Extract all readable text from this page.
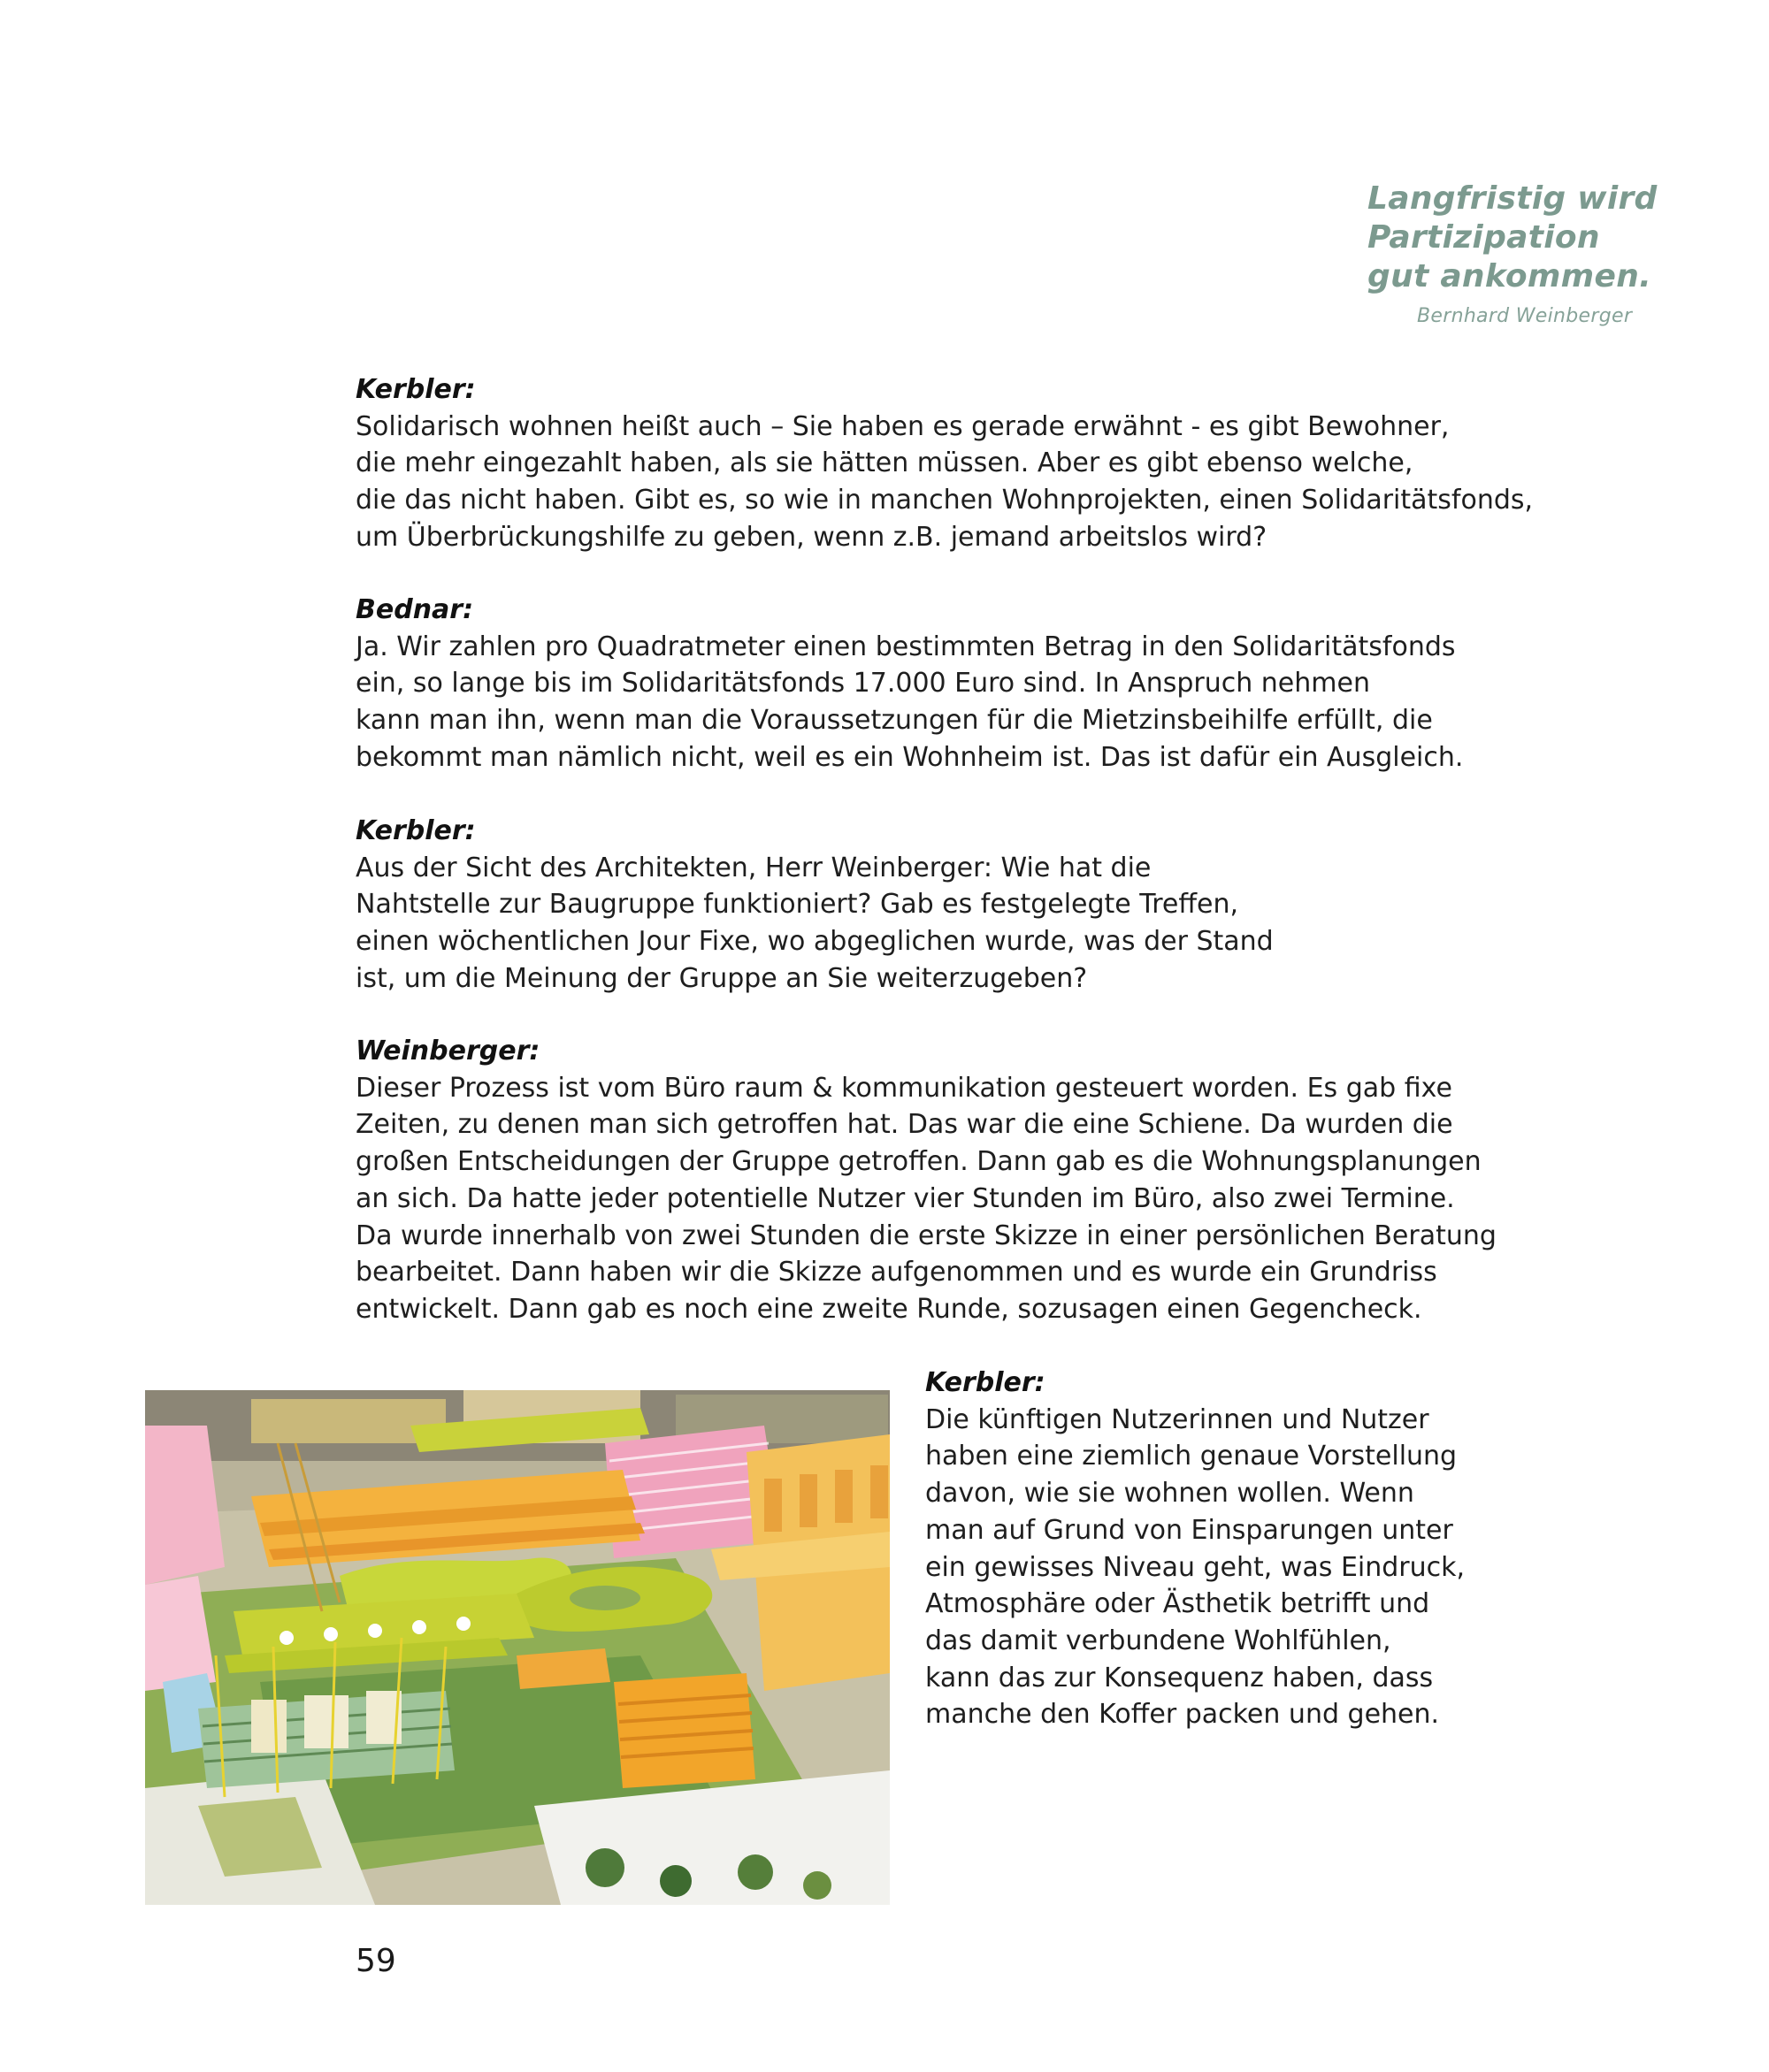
Langfristig wird
Partizipation
gut ankommen.
Bernhard Weinberger
Kerbler:
Solidarisch wohnen heißt auch – Sie haben es gerade erwähnt - es gibt Bewohner,
die mehr eingezahlt haben, als sie hätten müssen. Aber es gibt ebenso welche,
die das nicht haben. Gibt es, so wie in manchen Wohnprojekten, einen Solidaritätsfonds,
um Überbrückungshilfe zu geben, wenn z.B. jemand arbeitslos wird?
Bednar:
Ja. Wir zahlen pro Quadratmeter einen bestimmten Betrag in den Solidaritätsfonds
ein, so lange bis im Solidaritätsfonds 17.000 Euro sind. In Anspruch nehmen
kann man ihn, wenn man die Voraussetzungen für die Mietzinsbeihilfe erfüllt, die
bekommt man nämlich nicht, weil es ein Wohnheim ist. Das ist dafür ein Ausgleich.
Kerbler:
Aus der Sicht des Architekten, Herr Weinberger: Wie hat die
Nahtstelle zur Baugruppe funktioniert? Gab es festgelegte Treffen,
einen wöchentlichen Jour Fixe, wo abgeglichen wurde, was der Stand
ist, um die Meinung der Gruppe an Sie weiterzugeben?
Weinberger:
Dieser Prozess ist vom Büro raum & kommunikation gesteuert worden. Es gab fixe
Zeiten, zu denen man sich getroffen hat. Das war die eine Schiene. Da wurden die
großen Entscheidungen der Gruppe getroffen. Dann gab es die Wohnungsplanungen
an sich. Da hatte jeder potentielle Nutzer vier Stunden im Büro, also zwei Termine.
Da wurde innerhalb von zwei Stunden die erste Skizze in einer persönlichen Beratung
bearbeitet. Dann haben wir die Skizze aufgenommen und es wurde ein Grundriss
entwickelt. Dann gab es noch eine zweite Runde, sozusagen einen Gegencheck.
Kerbler:
Die künftigen Nutzerinnen und Nutzer
haben eine ziemlich genaue Vorstellung
davon, wie sie wohnen wollen. Wenn
man auf Grund von Einsparungen unter
ein gewisses Niveau geht, was Eindruck,
Atmosphäre oder Ästhetik betrifft und
das damit verbundene Wohlfühlen,
kann das zur Konsequenz haben, dass
manche den Koffer packen und gehen.
59
